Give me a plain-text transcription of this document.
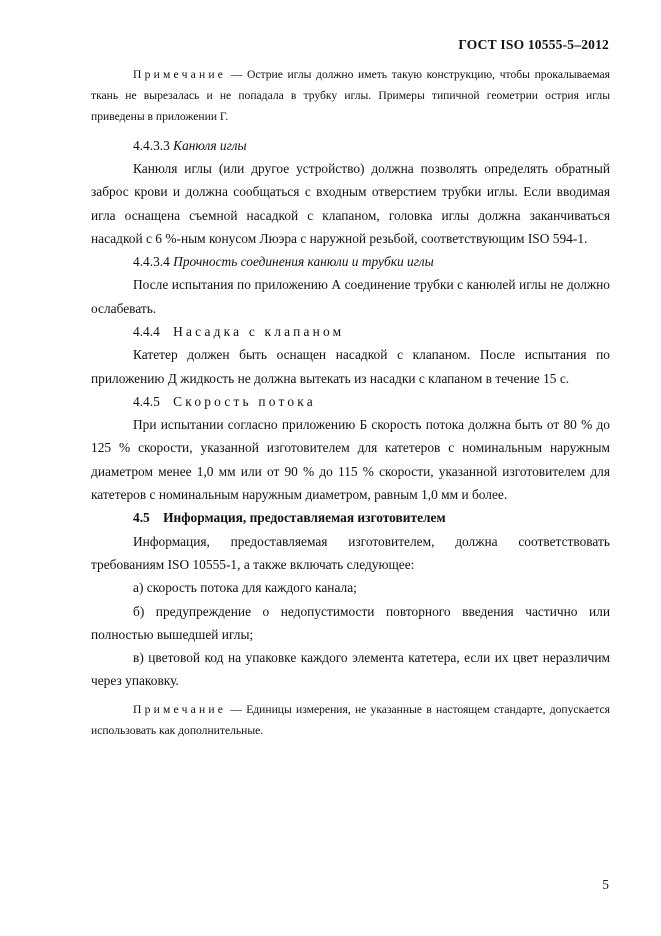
ГОСТ ISO 10555-5–2012

Примечание — Острие иглы должно иметь такую конструкцию, чтобы прокалываемая ткань не вырезалась и не попадала в трубку иглы. Примеры типичной геометрии острия иглы приведены в приложении Г.

4.4.3.3 Канюля иглы

Канюля иглы (или другое устройство) должна позволять определять обратный заброс крови и должна сообщаться с входным отверстием трубки иглы. Если вводимая игла оснащена съемной насадкой с клапаном, головка иглы должна заканчиваться насадкой с 6 %-ным конусом Люэра с наружной резьбой, соответствующим ISO 594-1.

4.4.3.4 Прочность соединения канюли и трубки иглы

После испытания по приложению А соединение трубки с канюлей иглы не должно ослабевать.

4.4.4 Насадка с клапаном

Катетер должен быть оснащен насадкой с клапаном. После испытания по приложению Д жидкость не должна вытекать из насадки с клапаном в течение 15 с.

4.4.5 Скорость потока

При испытании согласно приложению Б скорость потока должна быть от 80 % до 125 % скорости, указанной изготовителем для катетеров с номинальным наружным диаметром менее 1,0 мм или от 90 % до 115 % скорости, указанной изготовителем для катетеров с номинальным наружным диаметром, равным 1,0 мм и более.

4.5 Информация, предоставляемая изготовителем

Информация, предоставляемая изготовителем, должна соответствовать требованиям ISO 10555-1, а также включать следующее:

а) скорость потока для каждого канала;

б) предупреждение о недопустимости повторного введения частично или полностью вышедшей иглы;

в) цветовой код на упаковке каждого элемента катетера, если их цвет неразличим через упаковку.

Примечание — Единицы измерения, не указанные в настоящем стандарте, допускается использовать как дополнительные.

5
